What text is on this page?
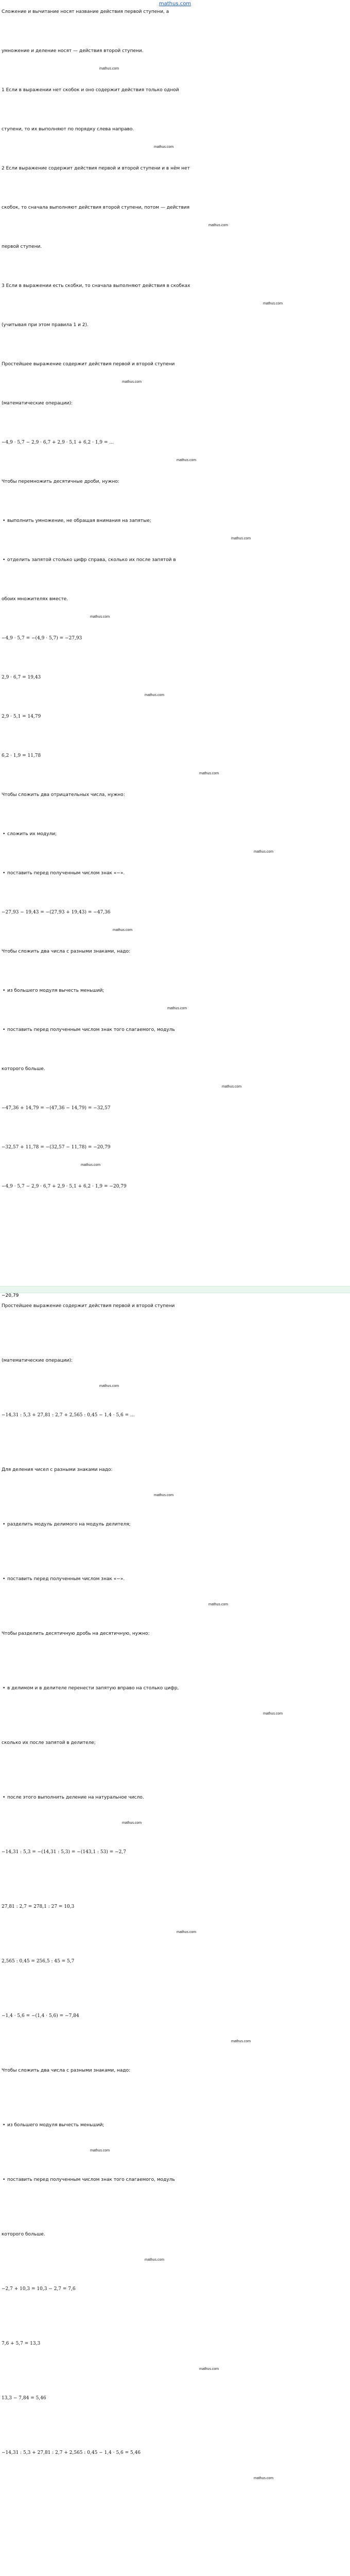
mathus.com
Сложение и вычитание носят название действия первой ступени, а
умножение и деление носят — действия второй ступени.
mathus.com
1 Если в выражении нет скобок и оно содержит действия только одной
ступени, то их выполняют по порядку слева направо.
mathus.com
2 Если выражение содержит действия первой и второй ступени и в нём нет
скобок, то сначала выполняют действия второй ступени, потом — действия
mathus.com
первой ступени.
3 Если в выражении есть скобки, то сначала выполняют действия в скобках
mathus.com
(учитывая при этом правила 1 и 2).
Простейшее выражение содержит действия первой и второй ступени
mathus.com
(математические операции):
−4,9 · 5,7 − 2,9 · 6,7 + 2,9 · 5,1 + 6,2 · 1,9 = ...
mathus.com
Чтобы перемножить десятичные дроби, нужно:
• выполнить умножение, не обращая внимания на запятые;
mathus.com
• отделить запятой столько цифр справа, сколько их после запятой в
обоих множителях вместе.
mathus.com
−4,9 · 5,7 = −(4,9 · 5,7) = −27,93
2,9 · 6,7 = 19,43
mathus.com
2,9 · 5,1 = 14,79
6,2 · 1,9 = 11,78
mathus.com
Чтобы сложить два отрицательных числа, нужно:
• сложить их модули;
mathus.com
• поставить перед полученным числом знак «−».
−27,93 − 19,43 = −(27,93 + 19,43) = −47,36
mathus.com
Чтобы сложить два числа с разными знаками, надо:
• из большего модуля вычесть меньший;
mathus.com
• поставить перед полученным числом знак того слагаемого, модуль
которого больше.
mathus.com
−47,36 + 14,79 = −(47,36 − 14,79) = −32,57
−32,57 + 11,78 = −(32,57 − 11,78) = −20,79
mathus.com
−4,9 · 5,7 − 2,9 · 6,7 + 2,9 · 5,1 + 6,2 · 1,9 = −20,79
−20,79
Простейшее выражение содержит действия первой и второй ступени
(математические операции):
mathus.com
−14,31 : 5,3 + 27,81 : 2,7 + 2,565 : 0,45 − 1,4 · 5,6 = ...
Для деления чисел с разными знаками надо:
mathus.com
• разделить модуль делимого на модуль делителя;
• поставить перед полученным числом знак «−».
mathus.com
Чтобы разделить десятичную дробь на десятичную, нужно:
• в делимом и в делителе перенести запятую вправо на столько цифр,
mathus.com
сколько их после запятой в делителе;
• после этого выполнить деление на натуральное число.
mathus.com
−14,31 : 5,3 = −(14,31 : 5,3) = −(143,1 : 53) = −2,7
27,81 : 2,7 = 278,1 : 27 = 10,3
mathus.com
2,565 : 0,45 = 256,5 : 45 = 5,7
−1,4 · 5,6 = −(1,4 · 5,6) = −7,84
mathus.com
Чтобы сложить два числа с разными знаками, надо:
• из большего модуля вычесть меньший;
mathus.com
• поставить перед полученным числом знак того слагаемого, модуль
которого больше.
mathus.com
−2,7 + 10,3 = 10,3 − 2,7 = 7,6
7,6 + 5,7 = 13,3
mathus.com
13,3 − 7,84 = 5,46
−14,31 : 5,3 + 27,81 : 2,7 + 2,565 : 0,45 − 1,4 · 5,6 = 5,46
mathus.com
